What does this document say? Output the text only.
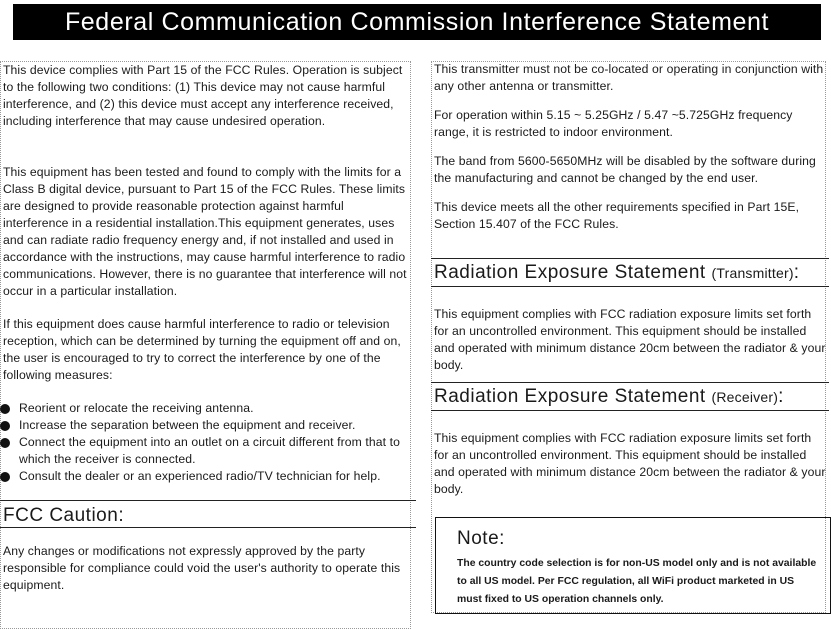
Federal Communication Commission Interference Statement

This device complies with Part 15 of the FCC Rules. Operation is subject to the following two conditions: (1) This device may not cause harmful interference, and (2) this device must accept any interference received, including interference that may cause undesired operation.

This equipment has been tested and found to comply with the limits for a Class B digital device, pursuant to Part 15 of the FCC Rules. These limits are designed to provide reasonable protection against harmful interference in a residential installation.This equipment generates, uses and can radiate radio frequency energy and, if not installed and used in accordance with the instructions, may cause harmful interference to radio communications. However, there is no guarantee that interference will not occur in a particular installation.

If this equipment does cause harmful interference to radio or television reception, which can be determined by turning the equipment off and on, the user is encouraged to try to correct the interference by one of the following measures:

Reorient or relocate the receiving antenna.
Increase the separation between the equipment and receiver.
Connect the equipment into an outlet on a circuit different from that to which the receiver is connected.
Consult the dealer or an experienced radio/TV technician for help.
FCC Caution:

Any changes or modifications not expressly approved by the party responsible for compliance could void the user's authority to operate this equipment.

This transmitter must not be co-located or operating in conjunction with any other antenna or transmitter.

For operation within 5.15 ~ 5.25GHz / 5.47 ~5.725GHz frequency range, it is restricted to indoor environment.

The band from 5600-5650MHz will be disabled by the software during the manufacturing and cannot be changed by the end user.

This device meets all the other requirements specified in Part 15E, Section 15.407 of the FCC Rules.

Radiation Exposure Statement (Transmitter):

This equipment complies with FCC radiation exposure limits set forth for an uncontrolled environment. This equipment should be installed and operated with minimum distance 20cm between the radiator & your body.

Radiation Exposure Statement (Receiver):

This equipment complies with FCC radiation exposure limits set forth for an uncontrolled environment. This equipment should be installed and operated with minimum distance 20cm between the radiator & your body.

Note:
The country code selection is for non-US model only and is not available to all US model. Per FCC regulation, all WiFi product marketed in US must fixed to US operation channels only.
